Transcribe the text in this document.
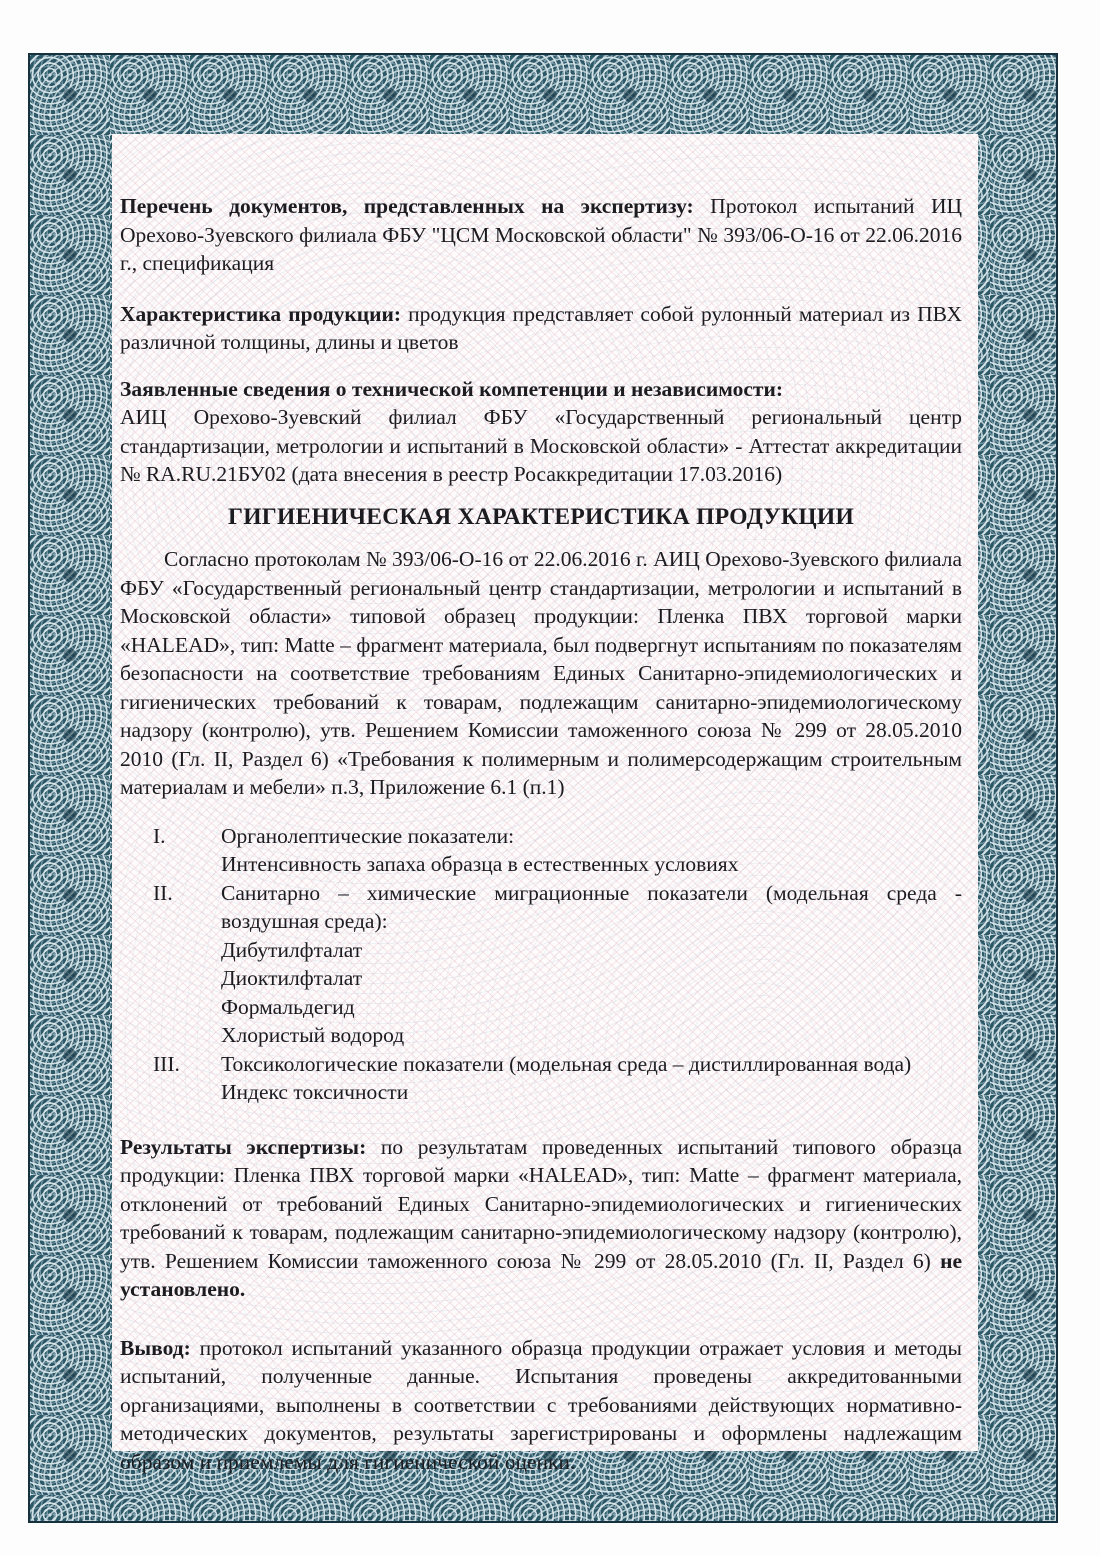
Перечень документов, представленных на экспертизу: Протокол испытаний ИЦ Орехово-Зуевского филиала ФБУ "ЦСМ Московской области" № 393/06-О-16 от 22.06.2016 г., спецификация

Характеристика продукции: продукция представляет собой рулонный материал из ПВХ различной толщины, длины и цветов

Заявленные сведения о технической компетенции и независимости:
АИЦ Орехово-Зуевский филиал ФБУ «Государственный региональный центр стандартизации, метрологии и испытаний в Московской области» - Аттестат аккредитации № RA.RU.21БУ02 (дата внесения в реестр Росаккредитации 17.03.2016)
ГИГИЕНИЧЕСКАЯ ХАРАКТЕРИСТИКА ПРОДУКЦИИ

Согласно протоколам № 393/06-О-16 от 22.06.2016 г. АИЦ Орехово-Зуевского филиала ФБУ «Государственный региональный центр стандартизации, метрологии и испытаний в Московской области» типовой образец продукции: Пленка ПВХ торговой марки «HALEAD», тип: Matte – фрагмент материала, был подвергнут испытаниям по показателям безопасности на соответствие требованиям Единых Санитарно-эпидемиологических и гигиенических требований к товарам, подлежащим санитарно-эпидемиологическому надзору (контролю), утв. Решением Комиссии таможенного союза № 299 от 28.05.2010 2010 (Гл. II, Раздел 6) «Требования к полимерным и полимерсодержащим строительным материалам и мебели» п.3, Приложение 6.1 (п.1)

I.	Органолептические показатели:
Интенсивность запаха образца в естественных условиях
II.	Санитарно – химические миграционные показатели (модельная среда - воздушная среда):
Дибутилфталат
Диоктилфталат
Формальдегид
Хлористый водород
III.	Токсикологические показатели (модельная среда – дистиллированная вода)
Индекс токсичности

Результаты экспертизы: по результатам проведенных испытаний типового образца продукции: Пленка ПВХ торговой марки «HALEAD», тип: Matte – фрагмент материала, отклонений от требований Единых Санитарно-эпидемиологических и гигиенических требований к товарам, подлежащим санитарно-эпидемиологическому надзору (контролю), утв. Решением Комиссии таможенного союза № 299 от 28.05.2010 (Гл. II, Раздел 6) не установлено.

Вывод: протокол испытаний указанного образца продукции отражает условия и методы испытаний, полученные данные. Испытания проведены аккредитованными организациями, выполнены в соответствии с требованиями действующих нормативно-методических документов, результаты зарегистрированы и оформлены надлежащим образом и приемлемы для гигиенической оценки.
